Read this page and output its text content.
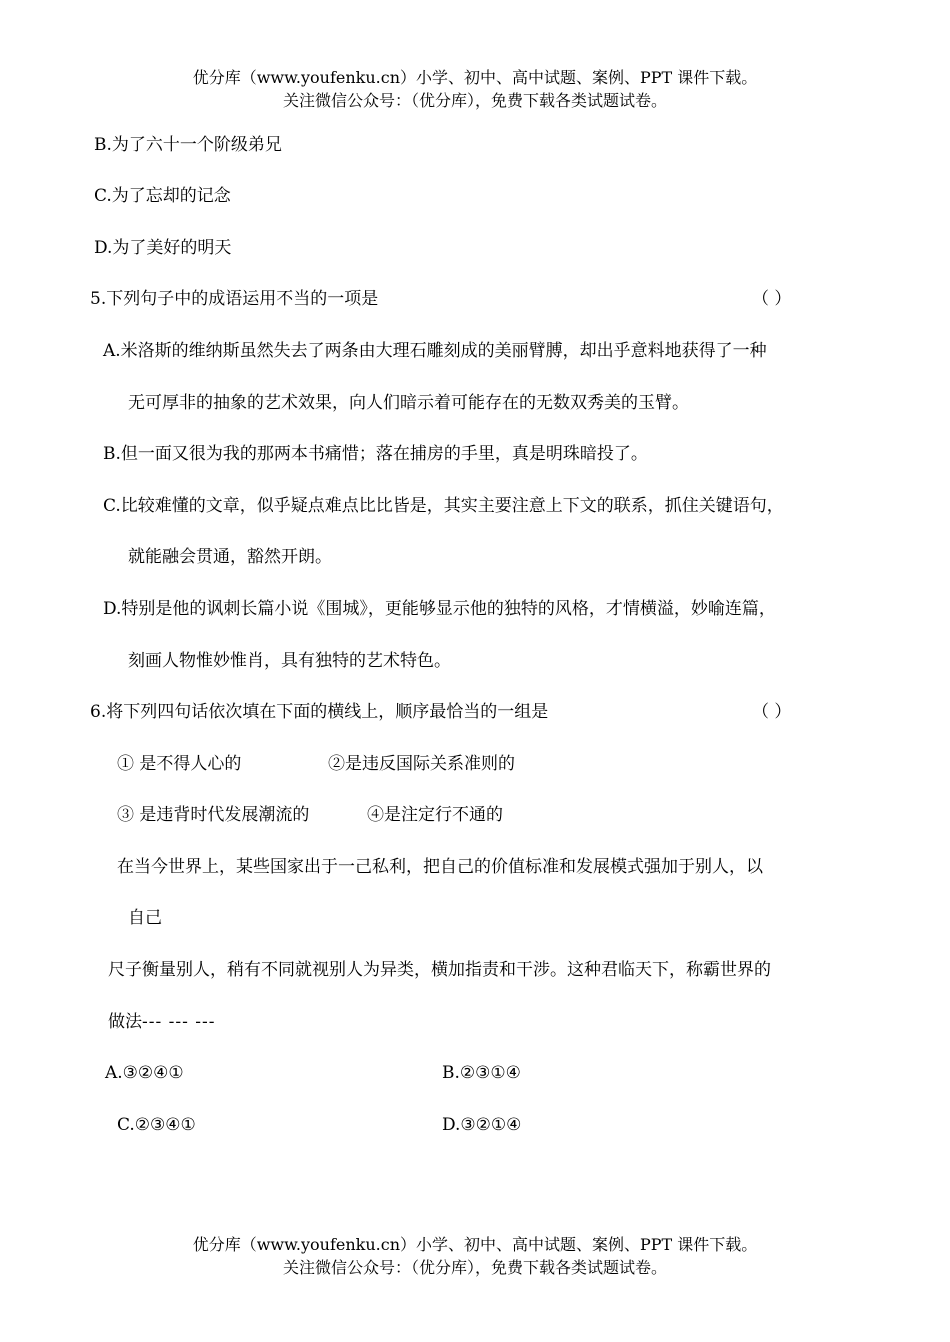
优分库（www.youfenku.cn）小学、初中、高中试题、案例、PPT 课件下载。
关注微信公众号：（优分库），免费下载各类试题试卷。
B.为了六十一个阶级弟兄
C.为了忘却的记念
D.为了美好的明天
5.下列句子中的成语运用不当的一项是	（ ）
A.米洛斯的维纳斯虽然失去了两条由大理石雕刻成的美丽臂膊，却出乎意料地获得了一种
无可厚非的抽象的艺术效果，向人们暗示着可能存在的无数双秀美的玉臂。
B.但一面又很为我的那两本书痛惜；落在捕房的手里，真是明珠暗投了。
C.比较难懂的文章，似乎疑点难点比比皆是，其实主要注意上下文的联系，抓住关键语句，
就能融会贯通，豁然开朗。
D.特别是他的讽刺长篇小说《围城》，更能够显示他的独特的风格，才情横溢，妙喻连篇，
刻画人物惟妙惟肖，具有独特的艺术特色。
6.将下列四句话依次填在下面的横线上，顺序最恰当的一组是	（ ）
① 是不得人心的	②是违反国际关系准则的
③ 是违背时代发展潮流的	④是注定行不通的
在当今世界上，某些国家出于一己私利，把自己的价值标准和发展模式强加于别人，以
自己
尺子衡量别人，稍有不同就视别人为异类，横加指责和干涉。这种君临天下，称霸世界的
做法--- --- ---
A.③②④①	B.②③①④
C.②③④①	D.③②①④
优分库（www.youfenku.cn）小学、初中、高中试题、案例、PPT 课件下载。
关注微信公众号：（优分库），免费下载各类试题试卷。
